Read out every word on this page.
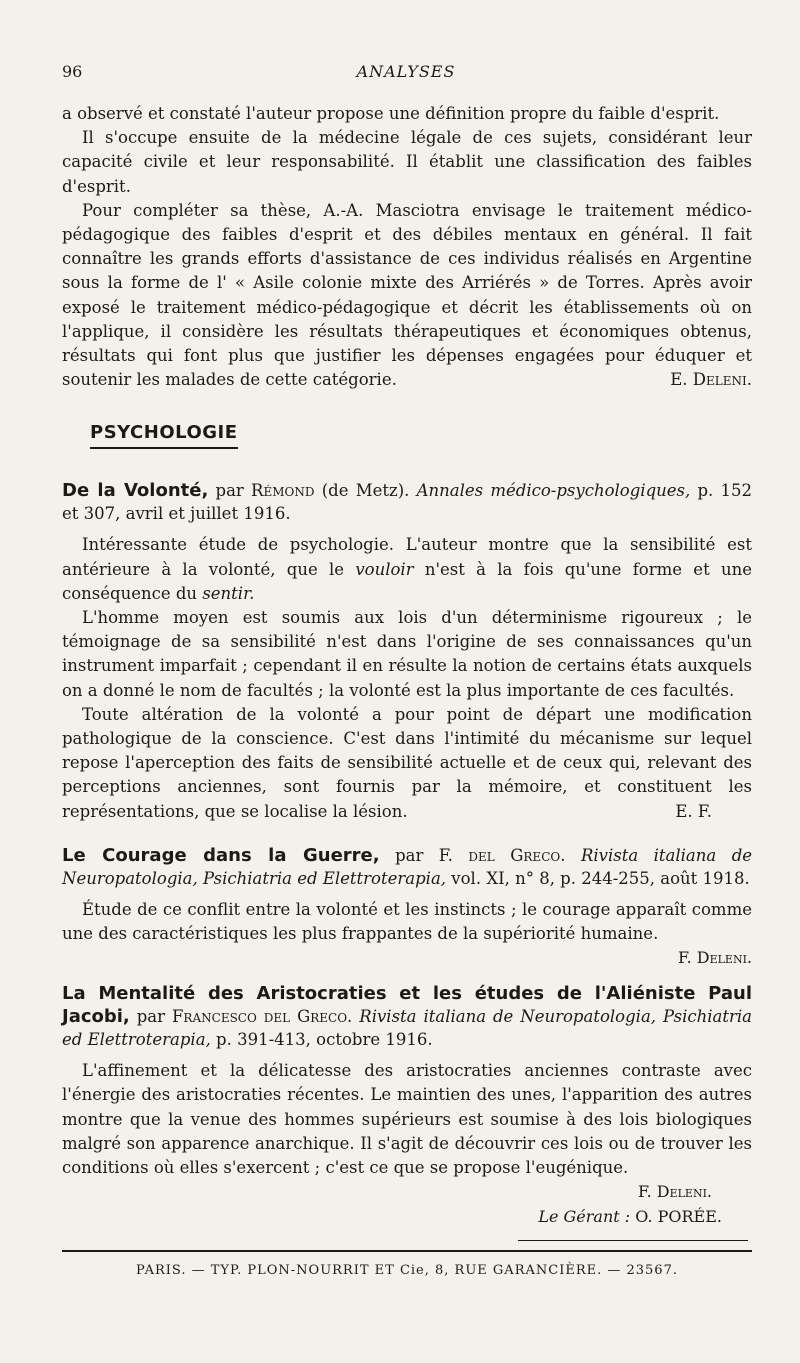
96	ANALYSES

a observé et constaté l'auteur propose une définition propre du faible d'esprit.

Il s'occupe ensuite de la médecine légale de ces sujets, considérant leur capacité civile et leur responsabilité. Il établit une classification des faibles d'esprit.

Pour compléter sa thèse, A.-A. Masciotra envisage le traitement médico-pédagogique des faibles d'esprit et des débiles mentaux en général. Il fait connaître les grands efforts d'assistance de ces individus réalisés en Argentine sous la forme de l' « Asile colonie mixte des Arriérés » de Torres. Après avoir exposé le traitement médico-pédagogique et décrit les établissements où on l'applique, il considère les résultats thérapeutiques et économiques obtenus, résultats qui font plus que justifier les dépenses engagées pour éduquer et soutenir les malades de cette catégorie.	E. Deleni.

PSYCHOLOGIE
De la Volonté, par Rémond (de Metz). Annales médico-psychologiques, p. 152 et 307, avril et juillet 1916.

Intéressante étude de psychologie. L'auteur montre que la sensibilité est antérieure à la volonté, que le vouloir n'est à la fois qu'une forme et une conséquence du sentir.

L'homme moyen est soumis aux lois d'un déterminisme rigoureux ; le témoignage de sa sensibilité n'est dans l'origine de ses connaissances qu'un instrument imparfait ; cependant il en résulte la notion de certains états auxquels on a donné le nom de facultés ; la volonté est la plus importante de ces facultés.

Toute altération de la volonté a pour point de départ une modification pathologique de la conscience. C'est dans l'intimité du mécanisme sur lequel repose l'aperception des faits de sensibilité actuelle et de ceux qui, relevant des perceptions anciennes, sont fournis par la mémoire, et constituent les représentations, que se localise la lésion.	E. F.

Le Courage dans la Guerre, par F. del Greco. Rivista italiana de Neuropatologia, Psichiatria ed Elettroterapia, vol. XI, n° 8, p. 244-255, août 1918.

Étude de ce conflit entre la volonté et les instincts ; le courage apparaît comme une des caractéristiques les plus frappantes de la supériorité humaine.

F. Deleni.
La Mentalité des Aristocraties et les études de l'Aliéniste Paul Jacobi, par Francesco del Greco. Rivista italiana de Neuropatologia, Psichiatria ed Elettroterapia, p. 391-413, octobre 1916.

L'affinement et la délicatesse des aristocraties anciennes contraste avec l'énergie des aristocraties récentes. Le maintien des unes, l'apparition des autres montre que la venue des hommes supérieurs est soumise à des lois biologiques malgré son apparence anarchique. Il s'agit de découvrir ces lois ou de trouver les conditions où elles s'exercent ; c'est ce que se propose l'eugénique.

F. Deleni.
Le Gérant : O. PORÉE.
PARIS. — TYP. PLON-NOURRIT ET Cie, 8, RUE GARANCIÈRE. — 23567.
